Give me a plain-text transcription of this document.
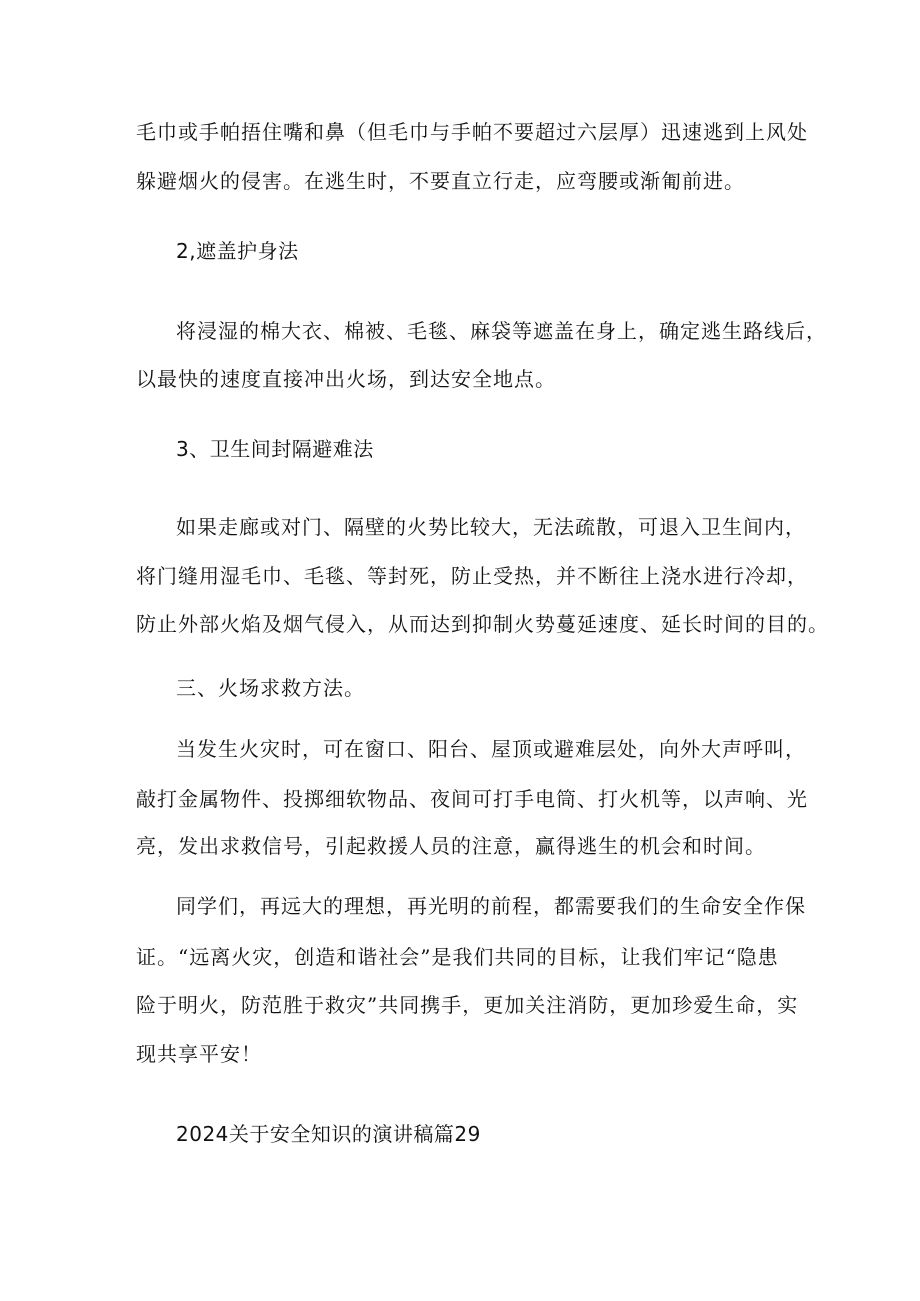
毛巾或手帕捂住嘴和鼻（但毛巾与手帕不要超过六层厚）迅速逃到上风处
躲避烟火的侵害。在逃生时，不要直立行走，应弯腰或渐匍前进。
2,遮盖护身法
将浸湿的棉大衣、棉被、毛毯、麻袋等遮盖在身上，确定逃生路线后，
以最快的速度直接冲出火场，到达安全地点。
3、卫生间封隔避难法
如果走廊或对门、隔壁的火势比较大，无法疏散，可退入卫生间内，
将门缝用湿毛巾、毛毯、等封死，防止受热，并不断往上浇水进行冷却，
防止外部火焰及烟气侵入，从而达到抑制火势蔓延速度、延长时间的目的。
三、火场求救方法。
当发生火灾时，可在窗口、阳台、屋顶或避难层处，向外大声呼叫，
敲打金属物件、投掷细软物品、夜间可打手电筒、打火机等，以声响、光
亮，发出求救信号，引起救援人员的注意，赢得逃生的机会和时间。
同学们，再远大的理想，再光明的前程，都需要我们的生命安全作保
证。“远离火灾，创造和谐社会”是我们共同的目标，让我们牢记“隐患
险于明火，防范胜于救灾”共同携手，更加关注消防，更加珍爱生命，实
现共享平安！
2024关于安全知识的演讲稿篇29
